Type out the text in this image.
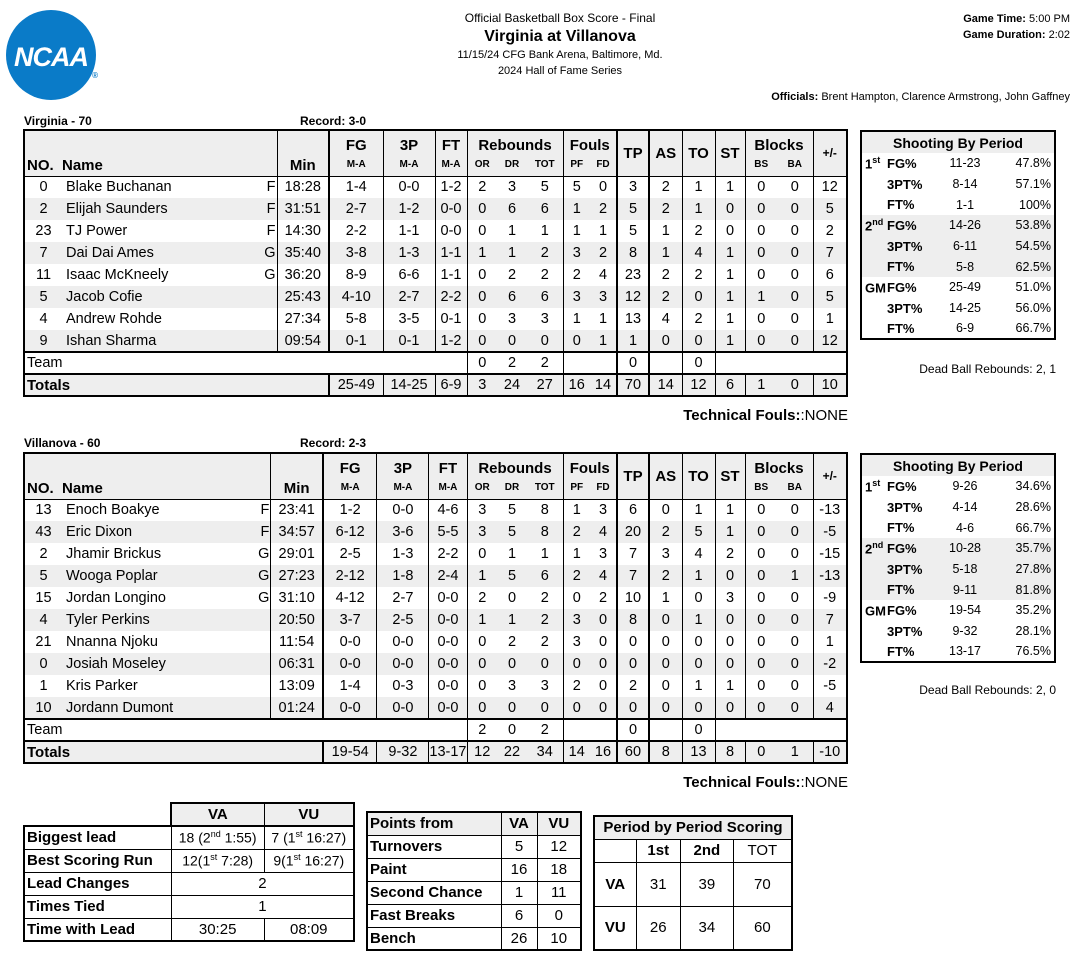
NCAA
®
Official Basketball Box Score - Final
Virginia at Villanova
11/15/24 CFG Bank Arena, Baltimore, Md.
2024 Hall of Fame Series
Game Time: 5:00 PM
Game Duration: 2:02
Officials: Brent Hampton, Clarence Armstrong, John Gaffney
Virginia - 70	Record: 3-0
NO.	Name		Min	FG	3P	FT	Rebounds			Fouls		TP	AS	TO	ST	Blocks		+/-
				M-A	M-A	M-A	OR	DR	TOT	PF	FD					BS	BA	
0	Blake Buchanan	F	18:28	1-4	0-0	1-2	2	3	5	5	0	3	2	1	1	0	0	12
2	Elijah Saunders	F	31:51	2-7	1-2	0-0	0	6	6	1	2	5	2	1	0	0	0	5
23	TJ Power	F	14:30	2-2	1-1	0-0	0	1	1	1	1	5	1	2	0	0	0	2
7	Dai Dai Ames	G	35:40	3-8	1-3	1-1	1	1	2	3	2	8	1	4	1	0	0	7
11	Isaac McKneely	G	36:20	8-9	6-6	1-1	0	2	2	2	4	23	2	2	1	0	0	6
5	Jacob Cofie		25:43	4-10	2-7	2-2	0	6	6	3	3	12	2	0	1	1	0	5
4	Andrew Rohde		27:34	5-8	3-5	0-1	0	3	3	1	1	13	4	2	1	0	0	1
9	Ishan Sharma		09:54	0-1	0-1	1-2	0	0	0	0	1	1	0	0	1	0	0	12
Team							0	2	2			0		0				
Totals				25-49	14-25	6-9	3	24	27	16	14	70	14	12	6	1	0	10
Technical Fouls::NONE
Shooting By Period			
1st	FG%	11-23	47.8%
	3PT%	8-14	57.1%
	FT%	1-1	100%
2nd	FG%	14-26	53.8%
	3PT%	6-11	54.5%
	FT%	5-8	62.5%
GM	FG%	25-49	51.0%
	3PT%	14-25	56.0%
	FT%	6-9	66.7%
Dead Ball Rebounds: 2, 1
Villanova - 60	Record: 2-3
NO.	Name		Min	FG	3P	FT	Rebounds			Fouls		TP	AS	TO	ST	Blocks		+/-
				M-A	M-A	M-A	OR	DR	TOT	PF	FD					BS	BA	
13	Enoch Boakye	F	23:41	1-2	0-0	4-6	3	5	8	1	3	6	0	1	1	0	0	-13
43	Eric Dixon	F	34:57	6-12	3-6	5-5	3	5	8	2	4	20	2	5	1	0	0	-5
2	Jhamir Brickus	G	29:01	2-5	1-3	2-2	0	1	1	1	3	7	3	4	2	0	0	-15
5	Wooga Poplar	G	27:23	2-12	1-8	2-4	1	5	6	2	4	7	2	1	0	0	1	-13
15	Jordan Longino	G	31:10	4-12	2-7	0-0	2	0	2	0	2	10	1	0	3	0	0	-9
4	Tyler Perkins		20:50	3-7	2-5	0-0	1	1	2	3	0	8	0	1	0	0	0	7
21	Nnanna Njoku		11:54	0-0	0-0	0-0	0	2	2	3	0	0	0	0	0	0	0	1
0	Josiah Moseley		06:31	0-0	0-0	0-0	0	0	0	0	0	0	0	0	0	0	0	-2
1	Kris Parker		13:09	1-4	0-3	0-0	0	3	3	2	0	2	0	1	1	0	0	-5
10	Jordann Dumont		01:24	0-0	0-0	0-0	0	0	0	0	0	0	0	0	0	0	0	4
Team							2	0	2			0		0				
Totals				19-54	9-32	13-17	12	22	34	14	16	60	8	13	8	0	1	-10
Technical Fouls::NONE
Shooting By Period			
1st	FG%	9-26	34.6%
	3PT%	4-14	28.6%
	FT%	4-6	66.7%
2nd	FG%	10-28	35.7%
	3PT%	5-18	27.8%
	FT%	9-11	81.8%
GM	FG%	19-54	35.2%
	3PT%	9-32	28.1%
	FT%	13-17	76.5%
Dead Ball Rebounds: 2, 0
	VA	VU
Biggest lead	18 (2nd 1:55)	7 (1st 16:27)
Best Scoring Run	12(1st 7:28)	9(1st 16:27)
Lead Changes	2	
Times Tied	1	
Time with Lead	30:25	08:09
Points from	VA	VU
Turnovers	5	12
Paint	16	18
Second Chance	1	11
Fast Breaks	6	0
Bench	26	10
Period by Period Scoring			
	1st	2nd	TOT
VA	31	39	70
VU	26	34	60
